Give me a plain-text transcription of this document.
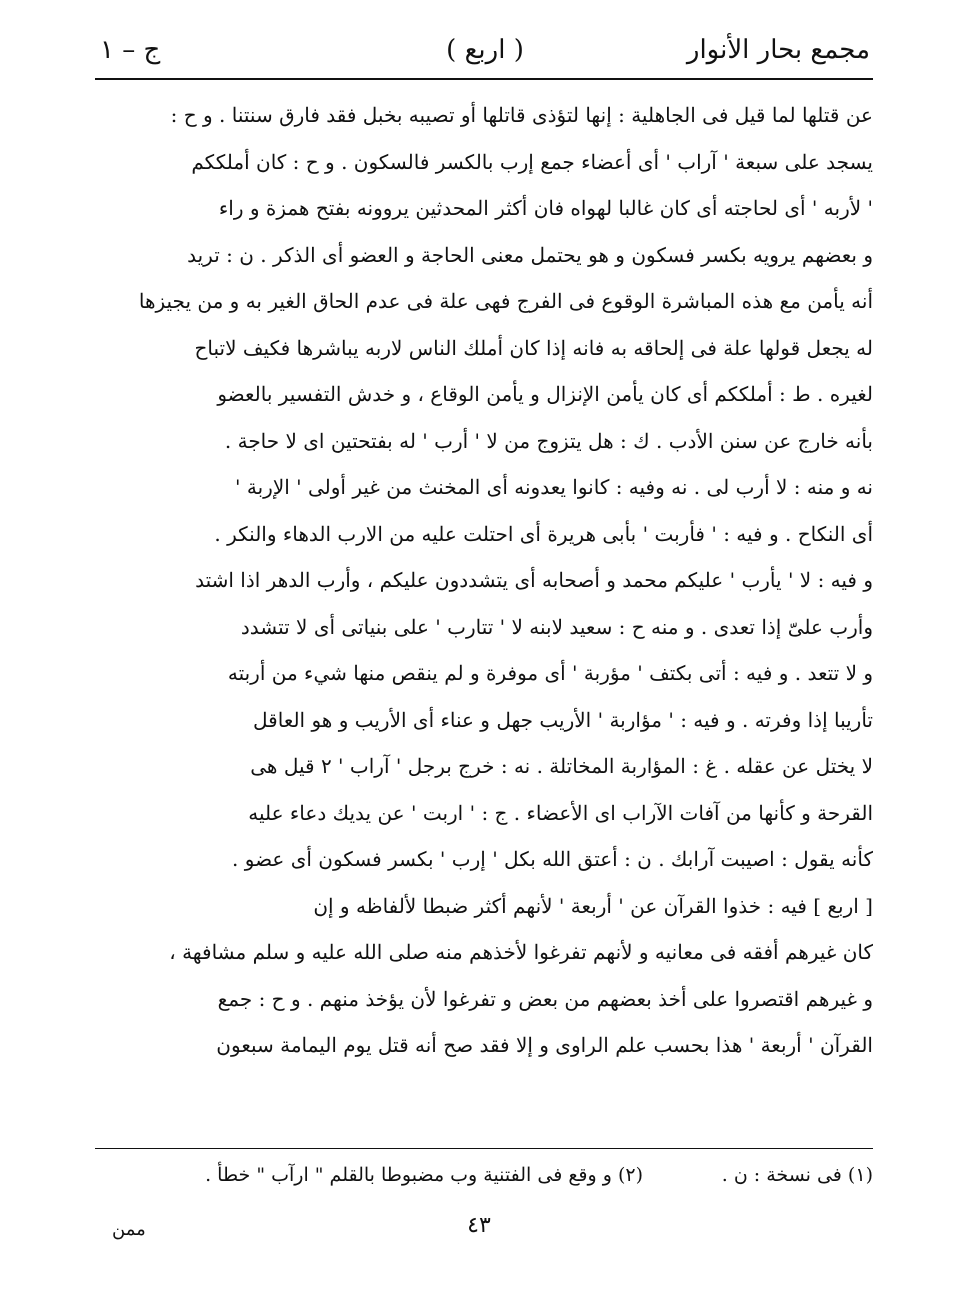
مجمع بحار الأنوار
( اربع )
ج – ١
عن قتلها لما قيل فى الجاهلية : إنها لتؤذى قاتلها أو تصيبه بخبل فقد فارق سنتنا . و ح :
يسجد على سبعة ' آراب ' أى أعضاء جمع إرب بالكسر فالسكون . و ح : كان أملككم
' لأربه ' أى لحاجته أى كان غالبا لهواه فان أكثر المحدثين يروونه بفتح همزة و راء
و بعضهم يرويه بكسر فسكون و هو يحتمل معنى الحاجة و العضو أى الذكر . ن : تريد
أنه يأمن مع هذه المباشرة الوقوع فى الفرج فهى علة فى عدم الحاق الغير به و من يجيزها
له يجعل قولها علة فى إلحاقه به فانه إذا كان أملك الناس لاربه يباشرها فكيف لاتباح
لغيره . ط : أملككم أى كان يأمن الإنزال و يأمن الوقاع ، و خدش التفسير بالعضو
بأنه خارج عن سنن الأدب . ك : هل يتزوج من لا ' أرب ' له بفتحتين اى لا حاجة .
نه و منه : لا أرب لى . نه وفيه : كانوا يعدونه أى المخنث من غير أولى ' الإربة '
أى النكاح . و فيه : ' فأربت ' بأبى هريرة أى احتلت عليه من الارب الدهاء والنكر .
و فيه : لا ' يأرب ' عليكم محمد و أصحابه أى يتشددون عليكم ، وأرب الدهر اذا اشتد
وأرب علىّ إذا تعدى . و منه ح : سعيد لابنه لا ' تتارب ' على بنياتى أى لا تتشدد
و لا تتعد . و فيه : أتى بكتف ' مؤربة ' أى موفرة و لم ينقص منها شيء من أربته
تأريبا إذا وفرته . و فيه : ' مؤاربة ' الأريب جهل و عناء أى الأريب و هو العاقل
لا يختل عن عقله . غ : المؤاربة المخاتلة . نه : خرج برجل ' آراب ' ٢ قيل هى
القرحة و كأنها من آفات الآراب اى الأعضاء . ج : ' اربت ' عن يديك دعاء عليه
كأنه يقول : اصيبت آرابك . ن : أعتق الله بكل ' إرب ' بكسر فسكون أى عضو .
[ اربع ] فيه : خذوا القرآن عن ' أربعة ' لأنهم أكثر ضبطا لألفاظه و إن
كان غيرهم أفقه فى معانيه و لأنهم تفرغوا لأخذهم منه صلى الله عليه و سلم مشافهة ،
و غيرهم اقتصروا على أخذ بعضهم من بعض و تفرغوا لأن يؤخذ منهم . و ح : جمع
القرآن ' أربعة ' هذا بحسب علم الراوى و إلا فقد صح أنه قتل يوم اليمامة سبعون
(١) فى نسخة : ن .
(٢) و وقع فى الفتنية وب مضبوطا بالقلم " ارآب " خطأ .
٤٣
ممن
